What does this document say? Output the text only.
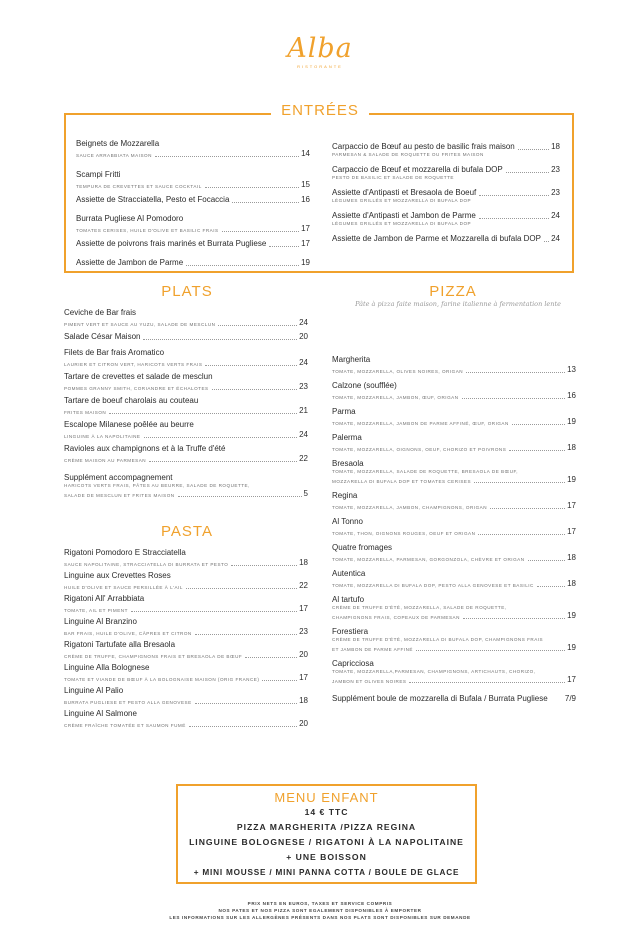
Alba
RISTORANTE
ENTRÉES
Beignets de Mozzarella
SAUCE ARRABBIATA MAISON	14
Scampi Fritti
TEMPURA DE CREVETTES ET SAUCE COCKTAIL	15
Assiette de Stracciatella, Pesto et Focaccia	16
Burrata Pugliese Al Pomodoro
TOMATES CERISES, HUILE D'OLIVE ET BASILIC FRAIS	17
Assiette de poivrons frais marinés et Burrata Pugliese	17
Assiette de Jambon de Parme	19
Carpaccio de Bœuf au pesto de basilic frais maison	18
PARMESAN & SALADE DE ROQUETTE OU FRITES MAISON
Carpaccio de Bœuf et mozzarella di bufala DOP	23
PESTO DE BASILIC ET SALADE DE ROQUETTE
Assiette d'Antipasti et Bresaola de Boeuf	23
LÉGUMES GRILLÉS ET MOZZARELLA DI BUFALA DOP
Assiette d'Antipasti et Jambon de Parme	24
LÉGUMES GRILLÉS ET MOZZARELLA DI BUFALA DOP
Assiette de Jambon de Parme et Mozzarella di bufala DOP 24
PLATS
Ceviche de Bar frais
PIMENT VERT ET SAUCE AU YUZU, SALADE DE MESCLUN	24
Salade César Maison	20
Filets de Bar frais Aromatico
LAURIER ET CITRON VERT, HARICOTS VERTS FRAIS	24
Tartare de crevettes et salade de mesclun
POMMES GRANNY SMITH, CORIANDRE ET ÉCHALOTES	23
Tartare de boeuf charolais au couteau
FRITES MAISON	21
Escalope Milanese poêlée au beurre
LINGUINE À LA NAPOLITAINE	24
Ravioles aux champignons et à la Truffe d'été
CRÈME MAISON AU PARMESAN	22

Supplément accompagnement
HARICOTS VERTS FRAIS, PÂTES AU BEURRE, SALADE DE ROQUETTE,
SALADE DE MESCLUN ET FRITES MAISON	5
PASTA
Rigatoni Pomodoro E Stracciatella
SAUCE NAPOLITAINE, STRACCIATELLA DI BURRATA ET PESTO	18
Linguine aux Crevettes Roses
HUILE D'OLIVE ET SAUCE PERSILLÉE À L'AIL	22
Rigatoni All' Arrabbiata
TOMATE, AIL ET PIMENT	17
Linguine Al Branzino
BAR FRAIS, HUILE D'OLIVE, CÂPRES ET CITRON	23
Rigatoni Tartufate alla Bresaola
CRÈME DE TRUFFE, CHAMPIGNONS FRAIS ET BRESAOLA DE BŒUF	20
Linguine Alla Bolognese
TOMATE ET VIANDE DE BŒUF À LA BOLOGNAISE MAISON (ORIG FRANCE)	17
Linguine Al Palio
BURRATA PUGLIESE ET PESTO ALLA GENOVESE	18
Linguine Al Salmone
CRÈME FRAÎCHE TOMATÉE ET SAUMON FUMÉ	20
PIZZA
Pâte à pizza faite maison, farine italienne à fermentation lente
Margherita
TOMATE, MOZZARELLA, OLIVES NOIRES, ORIGAN	13
Calzone (soufflée)
TOMATE, MOZZARELLA, JAMBON, ŒUF, ORIGAN	16
Parma
TOMATE, MOZZARELLA, JAMBON DE PARME AFFINÉ, ŒUF, ORIGAN	19
Palerma
TOMATE, MOZZARELLA, OIGNONS, OEUF, CHORIZO ET POIVRONS	18
Bresaola
TOMATE, MOZZARELLA, SALADE DE ROQUETTE, BRESAOLA DE BŒUF,
MOZZARELLA DI BUFALA DOP ET TOMATES CERISES	19
Regina
TOMATE, MOZZARELLA, JAMBON, CHAMPIGNONS, ORIGAN	17
Al Tonno
TOMATE, THON, OIGNONS ROUGES, OEUF ET ORIGAN	17
Quatre fromages
TOMATE, MOZZARELLA, PARMESAN, GORGONZOLA, CHÈVRE ET ORIGAN	18
Autentica
TOMATE, MOZZARELLA DI BUFALA DOP, PESTO ALLA GENOVESE ET BASILIC	18
Al tartufo
CRÈME DE TRUFFE D'ÉTÉ, MOZZARELLA, SALADE DE ROQUETTE,
CHAMPIGNONS FRAIS, COPEAUX DE PARMESAN	19
Forestiera
CRÈME DE TRUFFE D'ÉTÉ, MOZZARELLA DI BUFALA DOP, CHAMPIGNONS FRAIS
ET JAMBON DE PARME AFFINÉ	19
Capricciosa
TOMATE, MOZZARELLA,PARMESAN, CHAMPIGNONS, ARTICHAUTS, CHORIZO,
JAMBON ET OLIVES NOIRES	17
Supplément boule de mozzarella di Bufala / Burrata Pugliese 7/9
MENU ENFANT
14 € TTC
PIZZA MARGHERITA /PIZZA REGINA
LINGUINE BOLOGNESE / RIGATONI À LA NAPOLITAINE
+ UNE BOISSON
+ MINI MOUSSE / MINI PANNA COTTA / BOULE DE GLACE
PRIX NETS EN EUROS, TAXES ET SERVICE COMPRIS
NOS PATES ET NOS PIZZA SONT EGALEMENT DISPONIBLES À EMPORTER
LES INFORMATIONS SUR LES ALLERGÈNES PRÉSENTS DANS NOS PLATS SONT DISPONIBLES SUR DEMANDE
